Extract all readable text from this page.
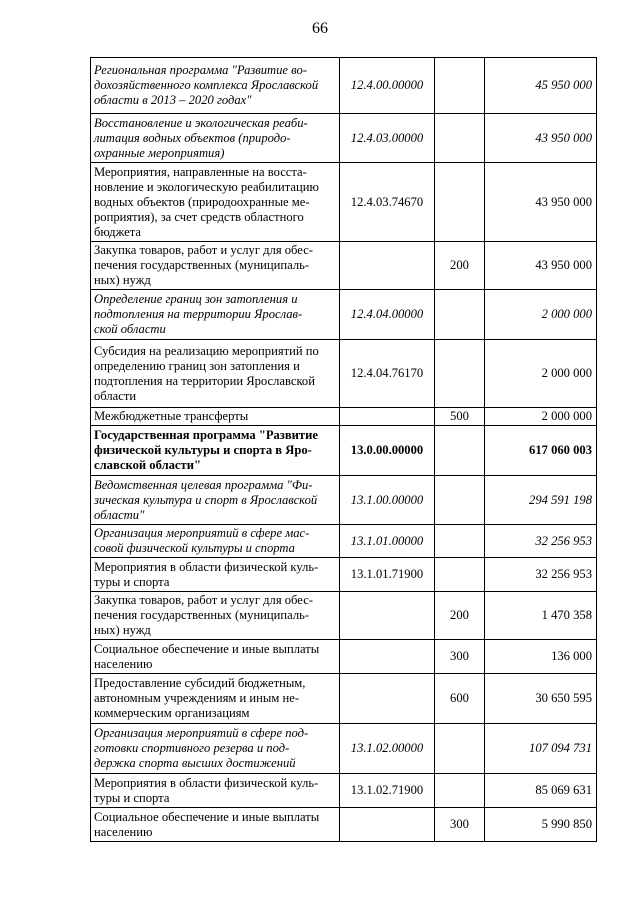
66
Региональная программа "Развитие во-
дохозяйственного комплекса Ярославской
области в 2013 – 2020 годах"	12.4.00.00000		45 950 000
Восстановление и экологическая реаби-
литация водных объектов (природо-
охранные мероприятия)	12.4.03.00000		43 950 000
Мероприятия, направленные на восста-
новление и экологическую реабилитацию
водных объектов (природоохранные ме-
роприятия), за счет средств областного
бюджета	12.4.03.74670		43 950 000
Закупка товаров, работ и услуг для обес-
печения государственных (муниципаль-
ных) нужд		200	43 950 000
Определение границ зон затопления и
подтопления на территории Ярослав-
ской области	12.4.04.00000		2 000 000
Субсидия на реализацию мероприятий по
определению границ зон затопления и
подтопления на территории Ярославской
области	12.4.04.76170		2 000 000
Межбюджетные трансферты		500	2 000 000
Государственная программа "Развитие
физической культуры и спорта в Яро-
славской области"	13.0.00.00000		617 060 003
Ведомственная целевая программа "Фи-
зическая культура и спорт в Ярославской
области"	13.1.00.00000		294 591 198
Организация мероприятий в сфере мас-
совой физической культуры и спорта	13.1.01.00000		32 256 953
Мероприятия в области физической куль-
туры и спорта	13.1.01.71900		32 256 953
Закупка товаров, работ и услуг для обес-
печения государственных (муниципаль-
ных) нужд		200	1 470 358
Социальное обеспечение и иные выплаты
населению		300	136 000
Предоставление субсидий бюджетным,
автономным учреждениям и иным не-
коммерческим организациям		600	30 650 595
Организация мероприятий в сфере под-
готовки спортивного резерва и под-
держка спорта высших достижений	13.1.02.00000		107 094 731
Мероприятия в области физической куль-
туры и спорта	13.1.02.71900		85 069 631
Социальное обеспечение и иные выплаты
населению		300	5 990 850
